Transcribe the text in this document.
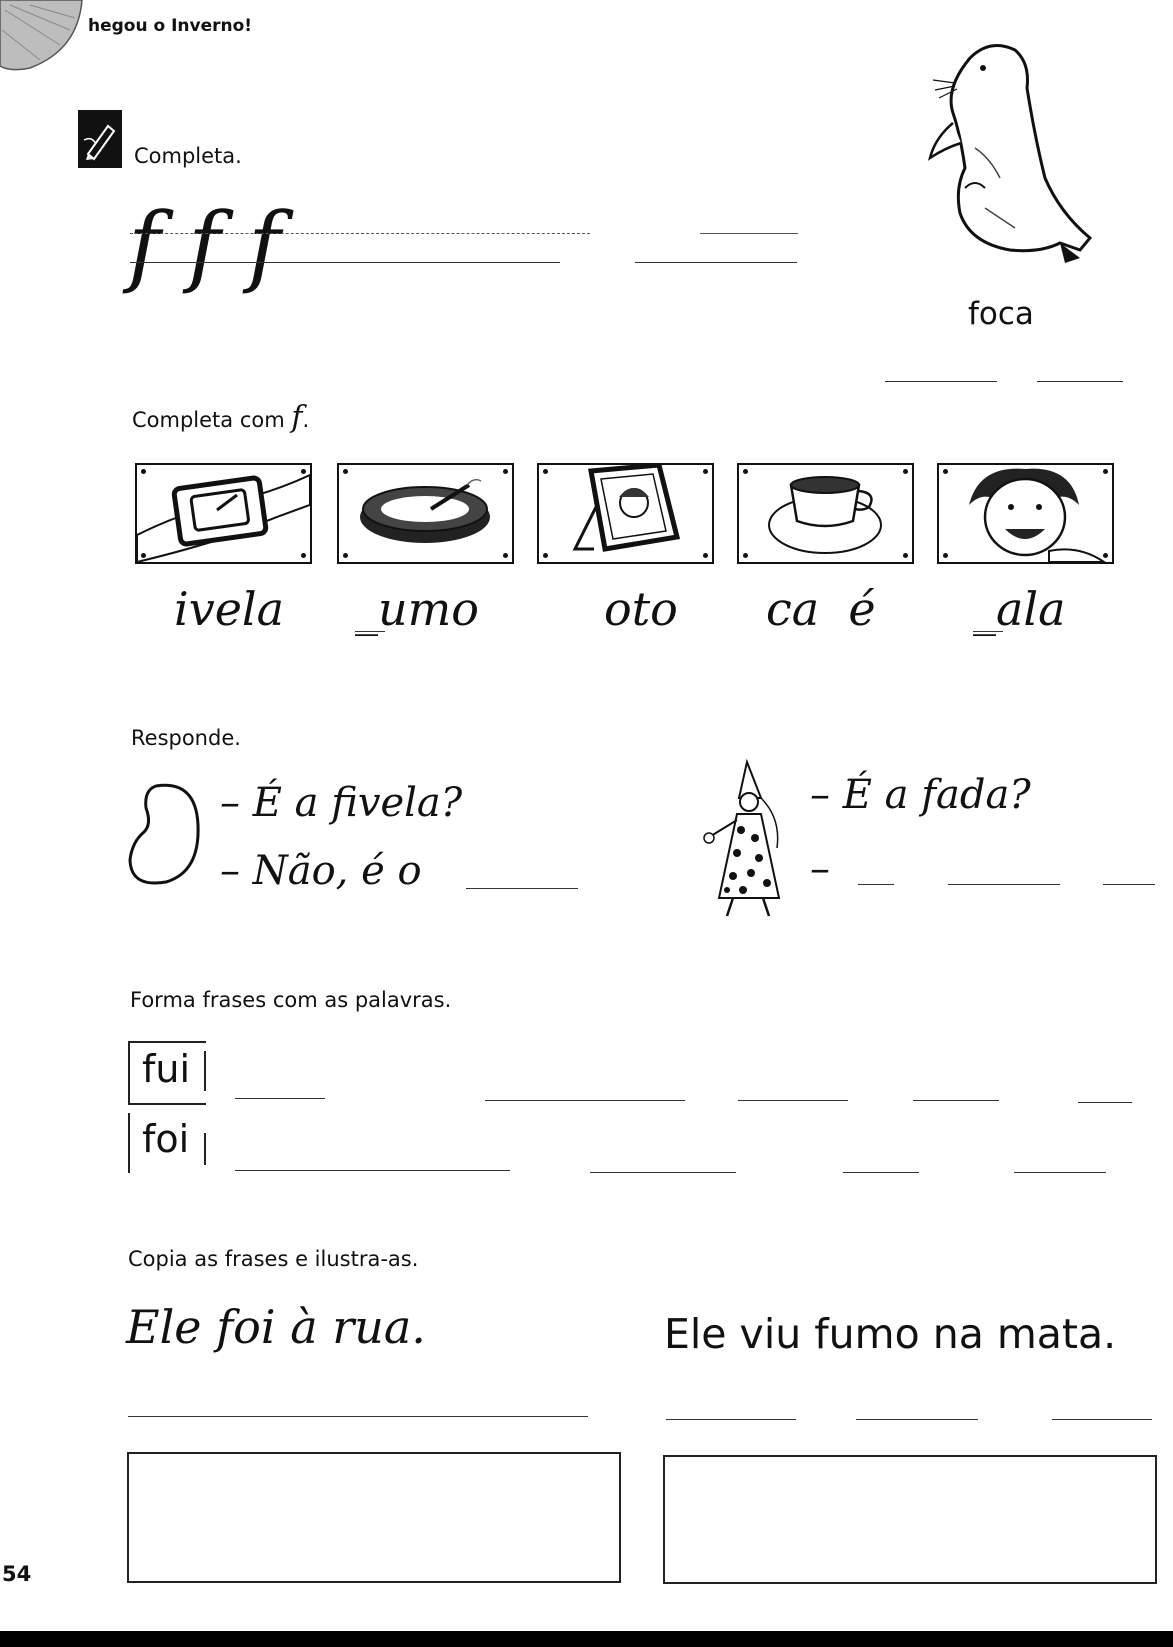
hegou o Inverno!
Completa.
f f f
foca
Completa com f.
ivela _umo	oto ca  é _ala
Responde.
– É a fivela?
– Não, é o
– É a fada?
–
Forma frases com as palavras.
fui
foi
Copia as frases e ilustra-as.
Ele foi à rua.	Ele viu fumo na mata.
54
